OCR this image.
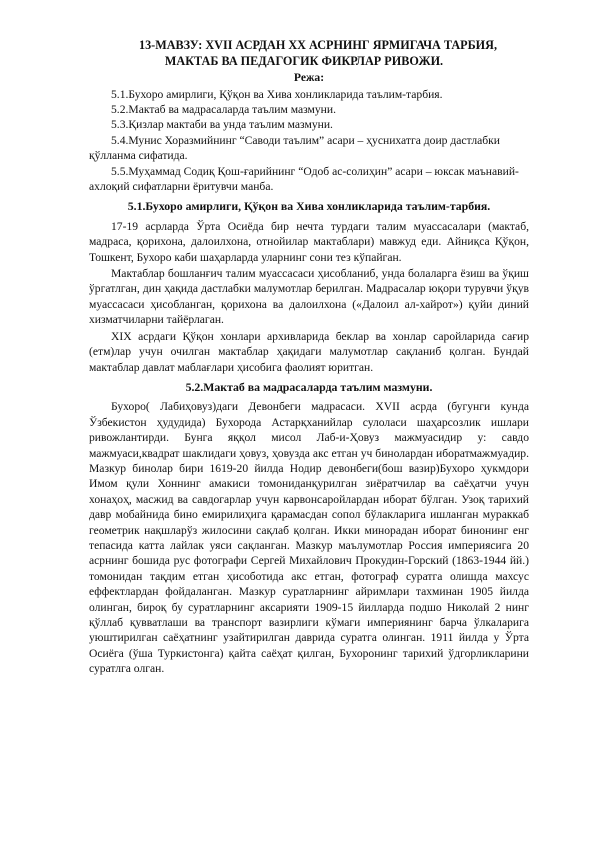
13-МАВЗУ: XVII АСРДАН XX АСРНИНГ ЯРМИГАЧА ТАРБИЯ,
МАКТАБ ВА ПЕДАГОГИК ФИКРЛАР РИВОЖИ.
Режа:

5.1.Бухоро амирлиги, Қўқон ва Хива хонликларида таълим-тарбия.

5.2.Мактаб ва мадрасаларда таълим мазмуни.

5.3.Қизлар мактаби ва унда таълим мазмуни.

5.4.Мунис Хоразмийнинг “Саводи таълим” асари – ҳуснихатга доир дастлабки қўлланма сифатида.

5.5.Муҳаммад Содиқ Қош-ғарийнинг “Одоб ас-солиҳин” асари – юксак маънавий-ахлоқий сифатларни ёритувчи манба.

5.1.Бухоро амирлиги, Қўқон ва Хива хонликларида таълим-тарбия.

17-19 асрларда Ўрта Осиёда бир нечта турдаги талим муассасалари (мактаб, мадраса, қорихона, далоилхона, отнойилар мактаблари) мавжуд еди. Айниқса Қўқон, Тошкент, Бухоро каби шаҳарларда уларнинг сони тез кўпайган.

Мактаблар бошланғич талим муассасаси ҳисобланиб, унда болаларга ёзиш ва ўқиш ўргатлган, дин ҳақида дастлабки малумотлар берилган. Мадрасалар юқори турувчи ўқув муассасаси ҳисобланган, қорихона ва далоилхона («Далоил ал-хайрот») қуйи диний хизматчиларни тайёрлаган.

XIX асрдаги Қўқон хонлари архивларида беклар ва хонлар саройларида сағир (етм)лар учун очилган мактаблар ҳақидаги малумотлар сақланиб қолган. Бундай мактаблар давлат маблағлари ҳисобига фаолият юритган.

5.2.Мактаб ва мадрасаларда таълим мазмуни.

Бухоро( Лабиҳовуз)даги Девонбеги мадрасаси. XVII асрда (бугунги кунда Ўзбекистон ҳудудида) Бухорода Астарқханийлар сулоласи шаҳарсозлик ишлари ривожлантирди. Бунга яққол мисол Лаб-и-Ҳовуз мажмуасидир у: савдо мажмуаси,квадрат шаклидаги ҳовуз, ҳовузда акс етган уч бинолардан иборатмажмуадир. Мазкур бинолар бири 1619-20 йилда Нодир девонбеги(бош вазир)Бухоро ҳукмдори Имом қули Хоннинг амакиси томониданқурилган зиёратчилар ва саёҳатчи учун хонаҳоҳ, масжид ва савдогарлар учун карвонсаройлардан иборат бўлган. Узоқ тарихий давр мобайнида бино емирилиҳига қарамасдан сопол бўлакларига ишланган мураккаб геометрик нақшларўз жилосини сақлаб қолган. Икки минорадан иборат бинонинг енг тепасида катта лайлак уяси сақланган. Мазкур маълумотлар Россия империясига 20 асрнинг бошида рус фотографи Сергей Михайлович Прокудин-Горский (1863-1944 йй.) томонидан тақдим етган ҳисоботида акс етган, фотограф суратга олишда махсус еффектлардан фойдаланган. Мазкур суратларнинг айримлари тахминан 1905 йилда олинган, бироқ бу суратларнинг аксарияти 1909-15 йилларда подшо Николай 2 нинг қўллаб қувватлаши ва транспорт вазирлиги кўмаги империянинг барча ўлкаларига уюштирилган саёҳатнинг узайтирилган даврида суратга олинган. 1911 йилда у Ўрта Осиёга (ўша Туркистонга) қайта саёҳат қилган, Бухоронинг тарихий ўдгорликларини суратлга олган.
